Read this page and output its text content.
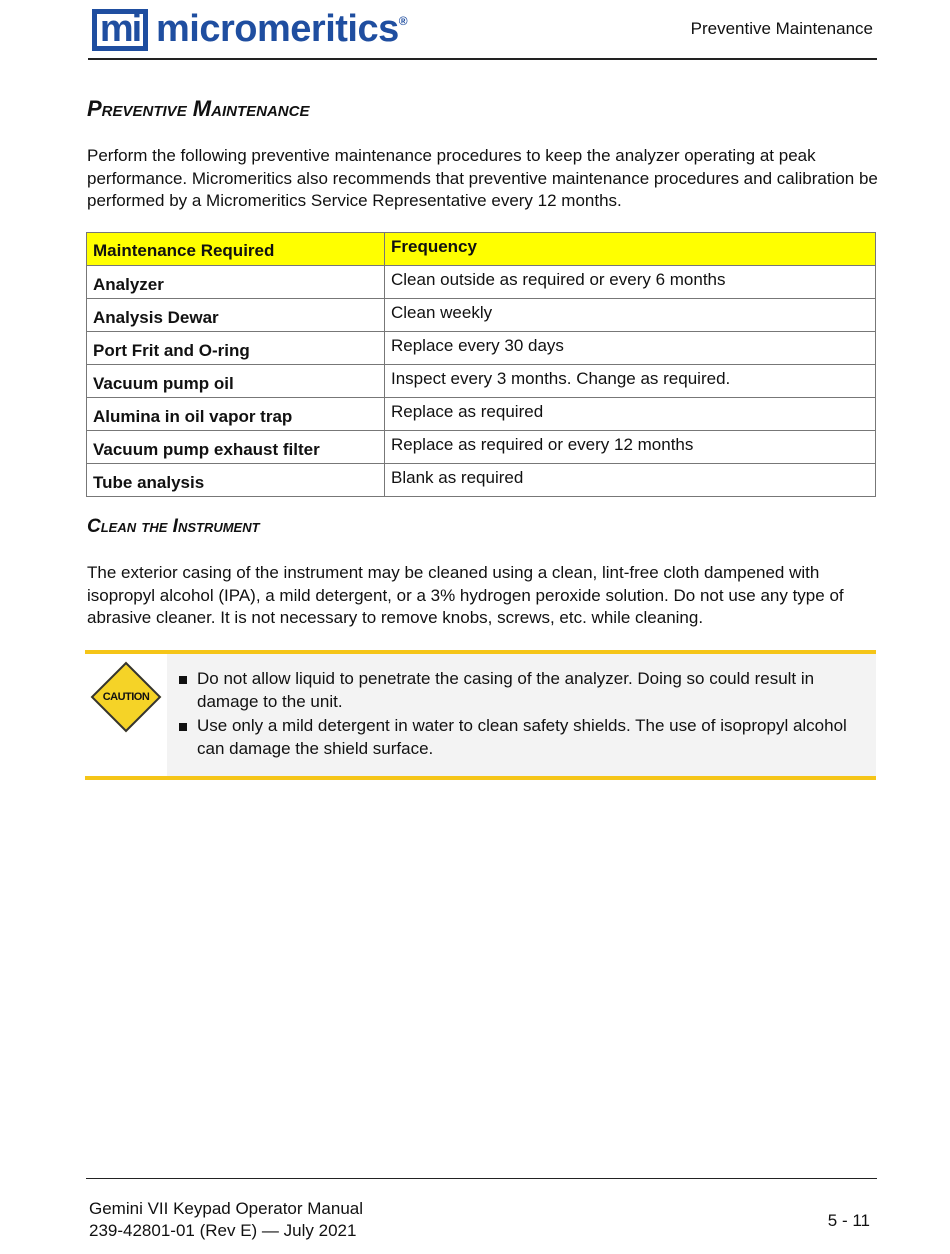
mi micromeritics®	Preventive Maintenance
Preventive Maintenance

Perform the following preventive maintenance procedures to keep the analyzer operating at peak performance. Micromeritics also recommends that preventive maintenance procedures and calibration be performed by a Micromeritics Service Representative every 12 months.

Maintenance Required	Frequency
Analyzer	Clean outside as required or every 6 months
Analysis Dewar	Clean weekly
Port Frit and O-ring	Replace every 30 days
Vacuum pump oil	Inspect every 3 months. Change as required.
Alumina in oil vapor trap	Replace as required
Vacuum pump exhaust filter	Replace as required or every 12 months
Tube analysis	Blank as required
Clean the Instrument

The exterior casing of the instrument may be cleaned using a clean, lint-free cloth dampened with isopropyl alcohol (IPA), a mild detergent, or a 3% hydrogen peroxide solution. Do not use any type of abrasive cleaner. It is not necessary to remove knobs, screws, etc. while cleaning.

CAUTION
Do not allow liquid to penetrate the casing of the analyzer. Doing so could result in damage to the unit.
Use only a mild detergent in water to clean safety shields. The use of isopropyl alcohol can damage the shield surface.
Gemini VII Keypad Operator Manual
239-42801-01 (Rev E) — July 2021
5 - 11
